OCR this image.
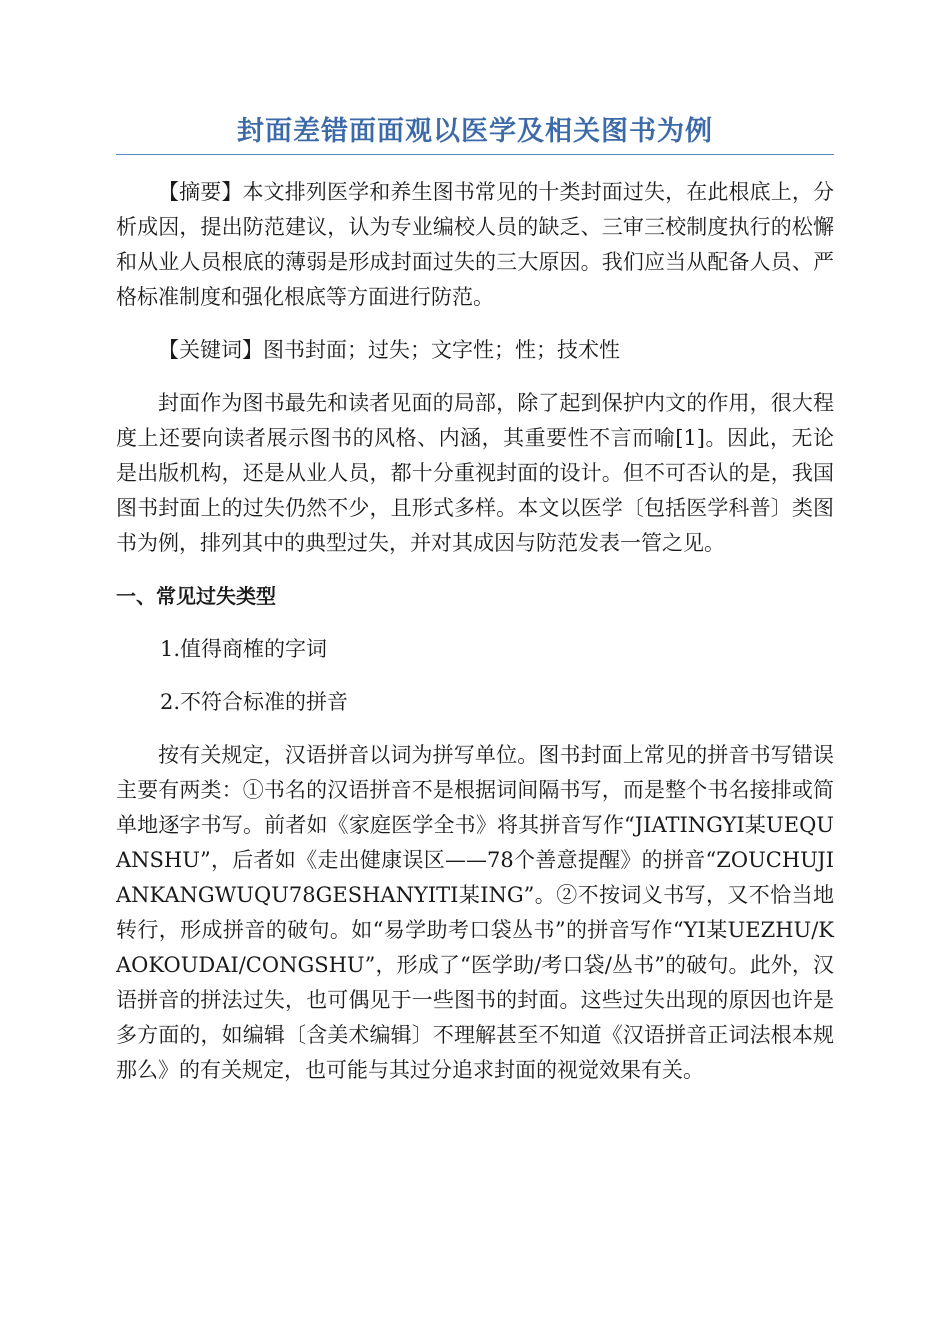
封面差错面面观以医学及相关图书为例

【摘要】本文排列医学和养生图书常见的十类封面过失，在此根底上，分析成因，提出防范建议，认为专业编校人员的缺乏、三审三校制度执行的松懈和从业人员根底的薄弱是形成封面过失的三大原因。我们应当从配备人员、严格标准制度和强化根底等方面进行防范。

【关键词】图书封面；过失；文字性；性；技术性

封面作为图书最先和读者见面的局部，除了起到保护内文的作用，很大程度上还要向读者展示图书的风格、内涵，其重要性不言而喻[1]。因此，无论是出版机构，还是从业人员，都十分重视封面的设计。但不可否认的是，我国图书封面上的过失仍然不少，且形式多样。本文以医学〔包括医学科普〕类图书为例，排列其中的典型过失，并对其成因与防范发表一管之见。

一、常见过失类型

1.值得商榷的字词

2.不符合标准的拼音

按有关规定，汉语拼音以词为拼写单位。图书封面上常见的拼音书写错误主要有两类：①书名的汉语拼音不是根据词间隔书写，而是整个书名接排或简单地逐字书写。前者如《家庭医学全书》将其拼音写作“JIATINGYI某UEQUANSHU”，后者如《走出健康误区——78个善意提醒》的拼音“ZOUCHUJIANKANGWUQU78GESHANYITI某ING”。②不按词义书写，又不恰当地转行，形成拼音的破句。如“易学助考口袋丛书”的拼音写作“YI某UEZHU/KAOKOUDAI/CONGSHU”，形成了“医学助/考口袋/丛书”的破句。此外，汉语拼音的拼法过失，也可偶见于一些图书的封面。这些过失出现的原因也许是多方面的，如编辑〔含美术编辑〕不理解甚至不知道《汉语拼音正词法根本规那么》的有关规定，也可能与其过分追求封面的视觉效果有关。
